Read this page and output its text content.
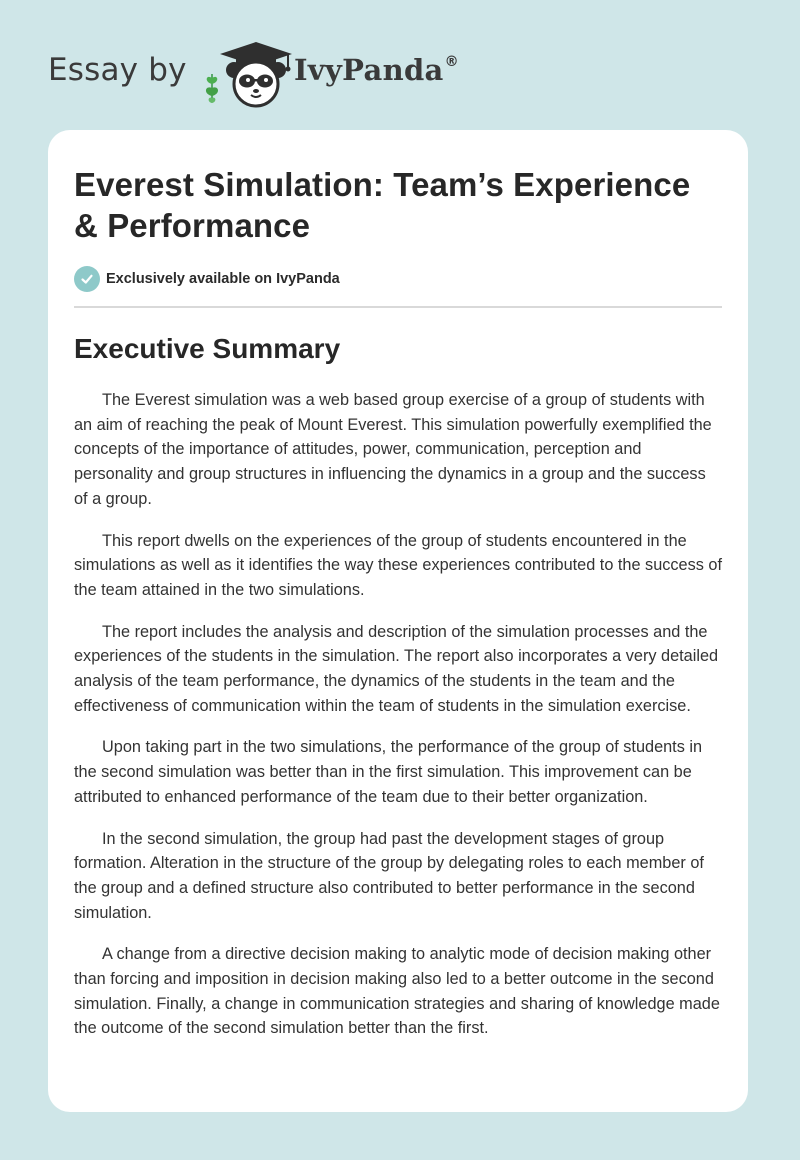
Essay by	IvyPanda®
Everest Simulation: Team’s Experience & Performance
Exclusively available on IvyPanda
Executive Summary

The Everest simulation was a web based group exercise of a group of students with an aim of reaching the peak of Mount Everest. This simulation powerfully exemplified the concepts of the importance of attitudes, power, communication, perception and personality and group structures in influencing the dynamics in a group and the success of a group.

This report dwells on the experiences of the group of students encountered in the simulations as well as it identifies the way these experiences contributed to the success of the team attained in the two simulations.

The report includes the analysis and description of the simulation processes and the experiences of the students in the simulation. The report also incorporates a very detailed analysis of the team performance, the dynamics of the students in the team and the effectiveness of communication within the team of students in the simulation exercise.

Upon taking part in the two simulations, the performance of the group of students in the second simulation was better than in the first simulation. This improvement can be attributed to enhanced performance of the team due to their better organization.

In the second simulation, the group had past the development stages of group formation. Alteration in the structure of the group by delegating roles to each member of the group and a defined structure also contributed to better performance in the second simulation.

A change from a directive decision making to analytic mode of decision making other than forcing and imposition in decision making also led to a better outcome in the second simulation. Finally, a change in communication strategies and sharing of knowledge made the outcome of the second simulation better than the first.
